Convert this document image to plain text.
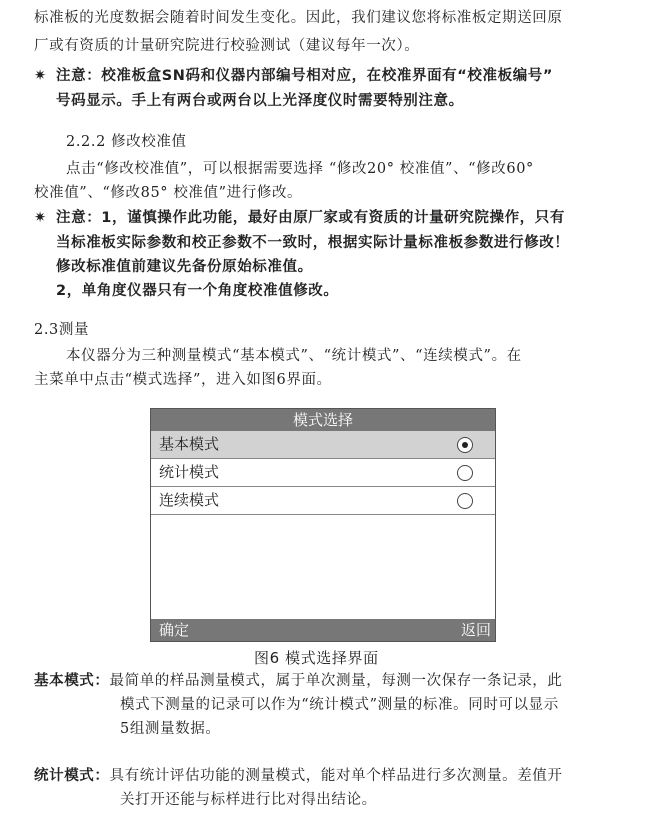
标准板的光度数据会随着时间发生变化。因此，我们建议您将标准板定期送回原
厂或有资质的计量研究院进行校验测试（建议每年一次）。
✷ 注意：校准板盒SN码和仪器内部编号相对应，在校准界面有“校准板编号”
号码显示。手上有两台或两台以上光泽度仪时需要特别注意。
2.2.2 修改校准值
点击“修改校准值”，可以根据需要选择 “修改20° 校准值”、“修改60°
校准值”、“修改85° 校准值”进行修改。
✷ 注意：1，谨慎操作此功能，最好由原厂家或有资质的计量研究院操作，只有
当标准板实际参数和校正参数不一致时，根据实际计量标准板参数进行修改！
修改标准值前建议先备份原始标准值。
2，单角度仪器只有一个角度校准值修改。
2.3测量
本仪器分为三种测量模式“基本模式”、“统计模式”、“连续模式”。在
主菜单中点击“模式选择”，进入如图6界面。
模式选择
基本模式
统计模式
连续模式
确定	返回
图6 模式选择界面
基本模式：最简单的样品测量模式，属于单次测量，每测一次保存一条记录，此
模式下测量的记录可以作为“统计模式”测量的标准。同时可以显示
5组测量数据。
统计模式：具有统计评估功能的测量模式，能对单个样品进行多次测量。差值开
关打开还能与标样进行比对得出结论。
